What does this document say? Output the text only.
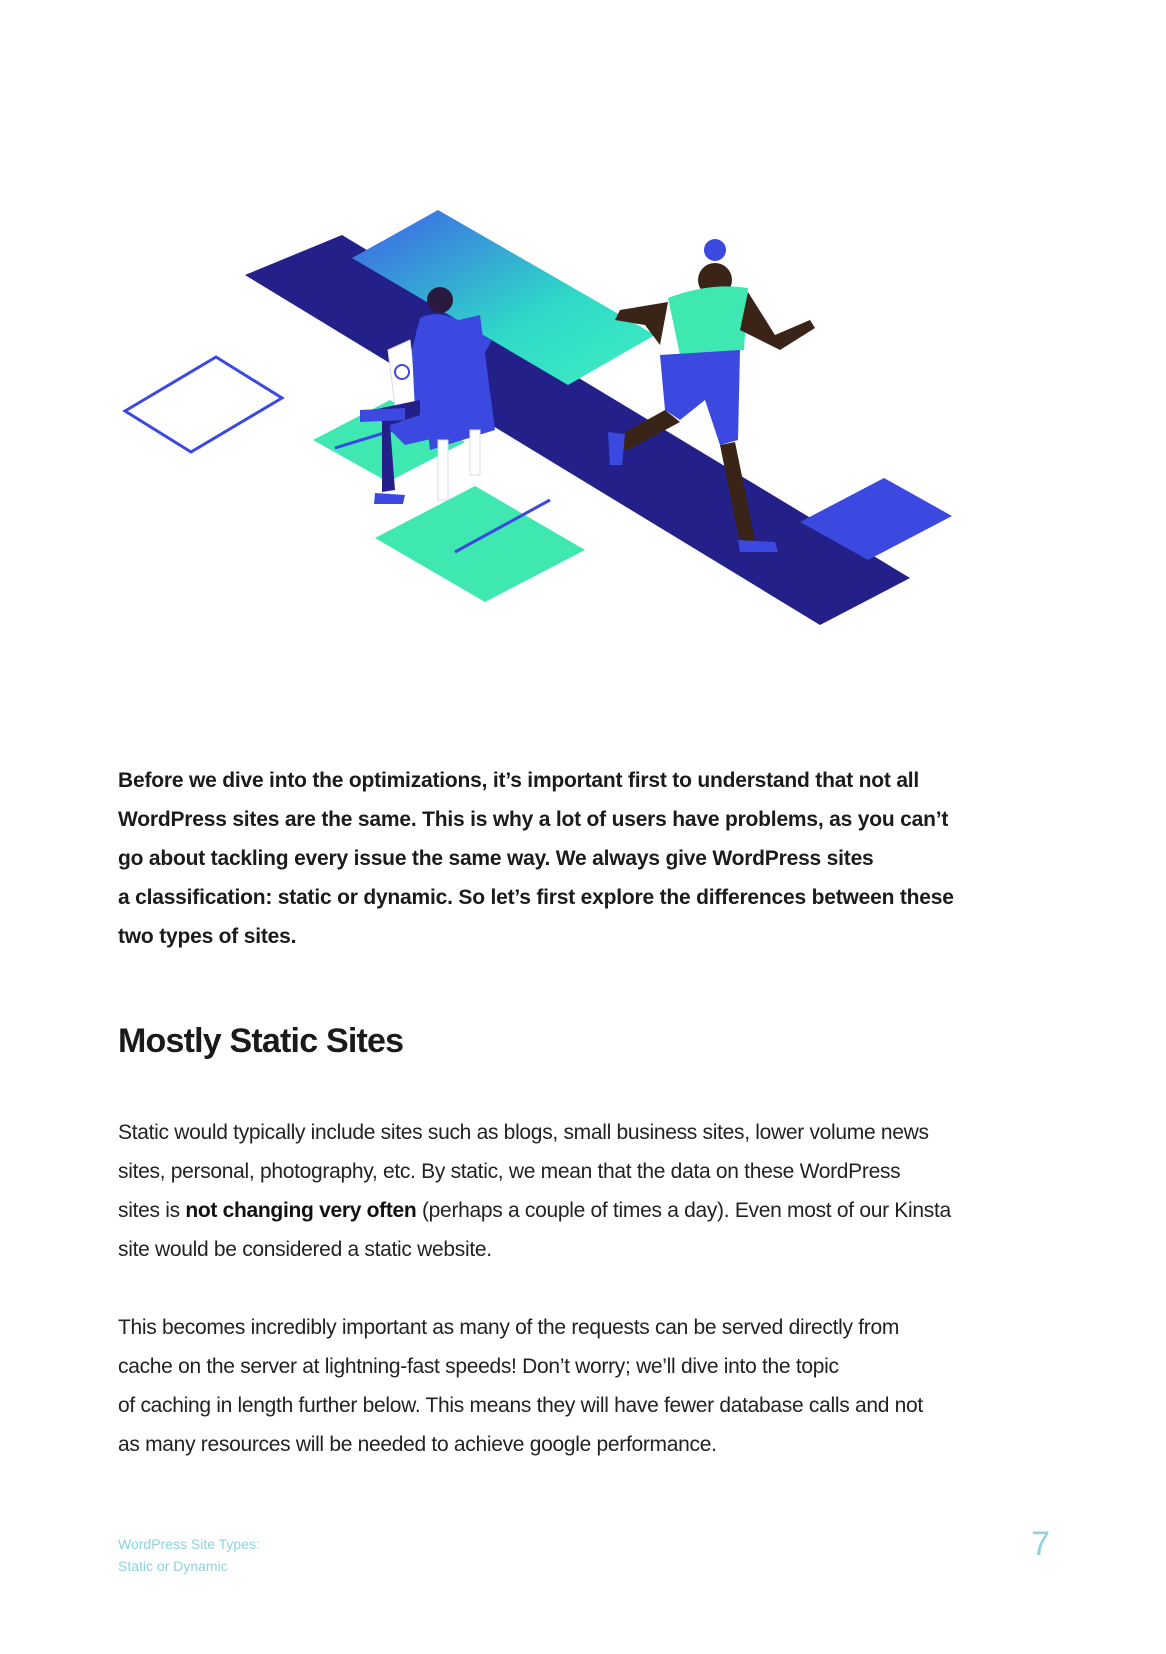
Before we dive into the optimizations, it’s important first to understand that not all
WordPress sites are the same. This is why a lot of users have problems, as you can’t
go about tackling every issue the same way. We always give WordPress sites
a classification: static or dynamic. So let’s first explore the differences between these
two types of sites.
Mostly Static Sites
Static would typically include sites such as blogs, small business sites, lower volume news
sites, personal, photography, etc. By static, we mean that the data on these WordPress
sites is not changing very often (perhaps a couple of times a day). Even most of our Kinsta
site would be considered a static website.
This becomes incredibly important as many of the requests can be served directly from
cache on the server at lightning-fast speeds! Don’t worry; we’ll dive into the topic
of caching in length further below. This means they will have fewer database calls and not
as many resources will be needed to achieve google performance.
WordPress Site Types:
Static or Dynamic
7
